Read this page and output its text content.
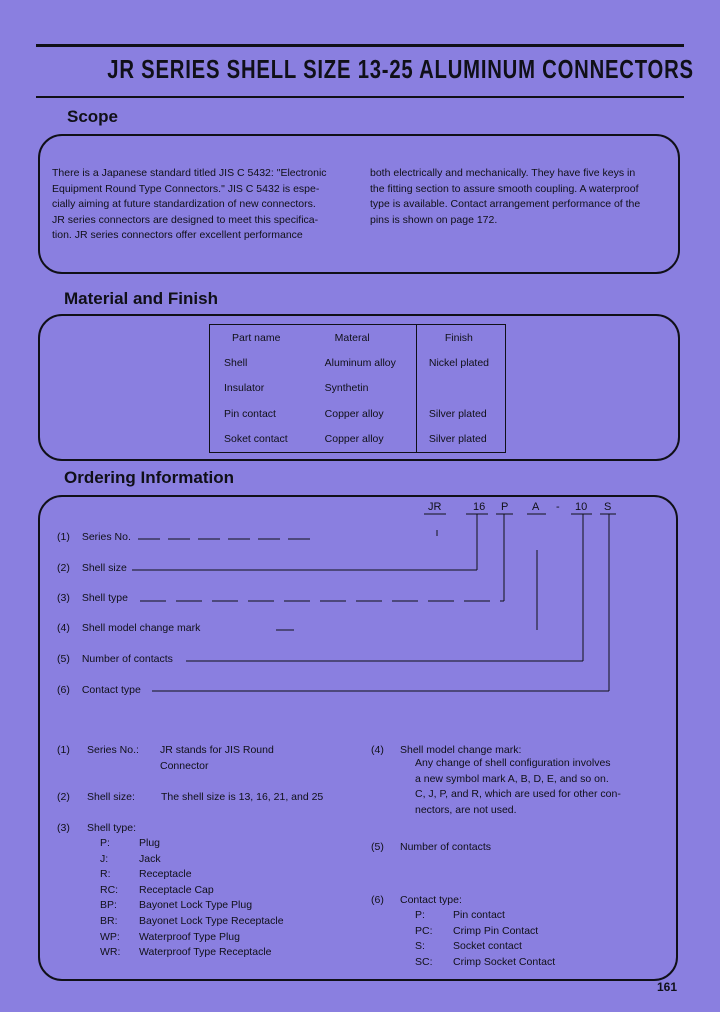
JR SERIES SHELL SIZE 13-25 ALUMINUM CONNECTORS
Scope
There is a Japanese standard titled JIS C 5432: "Electronic
Equipment Round Type Connectors." JIS C 5432 is espe-
cially aiming at future standardization of new connectors.
JR series connectors are designed to meet this specifica-
tion. JR series connectors offer excellent performance
both electrically and mechanically. They have five keys in
the fitting section to assure smooth coupling. A waterproof
type is available. Contact arrangement performance of the
pins is shown on page 172.
Material and Finish
Part name	Materal	Finish
Shell	Aluminum alloy	Nickel plated
Insulator	Synthetin	
Pin contact	Copper alloy	Silver plated
Soket contact	Copper alloy	Silver plated
Ordering Information
JR	16 P A - 10 S
(1) Series No.
(2) Shell size
(3) Shell type
(4) Shell model change mark
(5) Number of contacts
(6) Contact type
(1) Series No.: JR stands for JIS Round
Connector
(2) Shell size: The shell size is 13, 16, 21, and 25
(3) Shell type:
P:	Plug
J:	Jack
R:	Receptacle
RC: Receptacle Cap
BP: Bayonet Lock Type Plug
BR: Bayonet Lock Type Receptacle
WP: Waterproof Type Plug
WR: Waterproof Type Receptacle
(4) Shell model change mark:
Any change of shell configuration involves
a new symbol mark A, B, D, E, and so on.
C, J, P, and R, which are used for other con-
nectors, are not used.
(5) Number of contacts
(6) Contact type:
P:	Pin contact
PC: Crimp Pin Contact
S:	Socket contact
SC: Crimp Socket Contact
161
